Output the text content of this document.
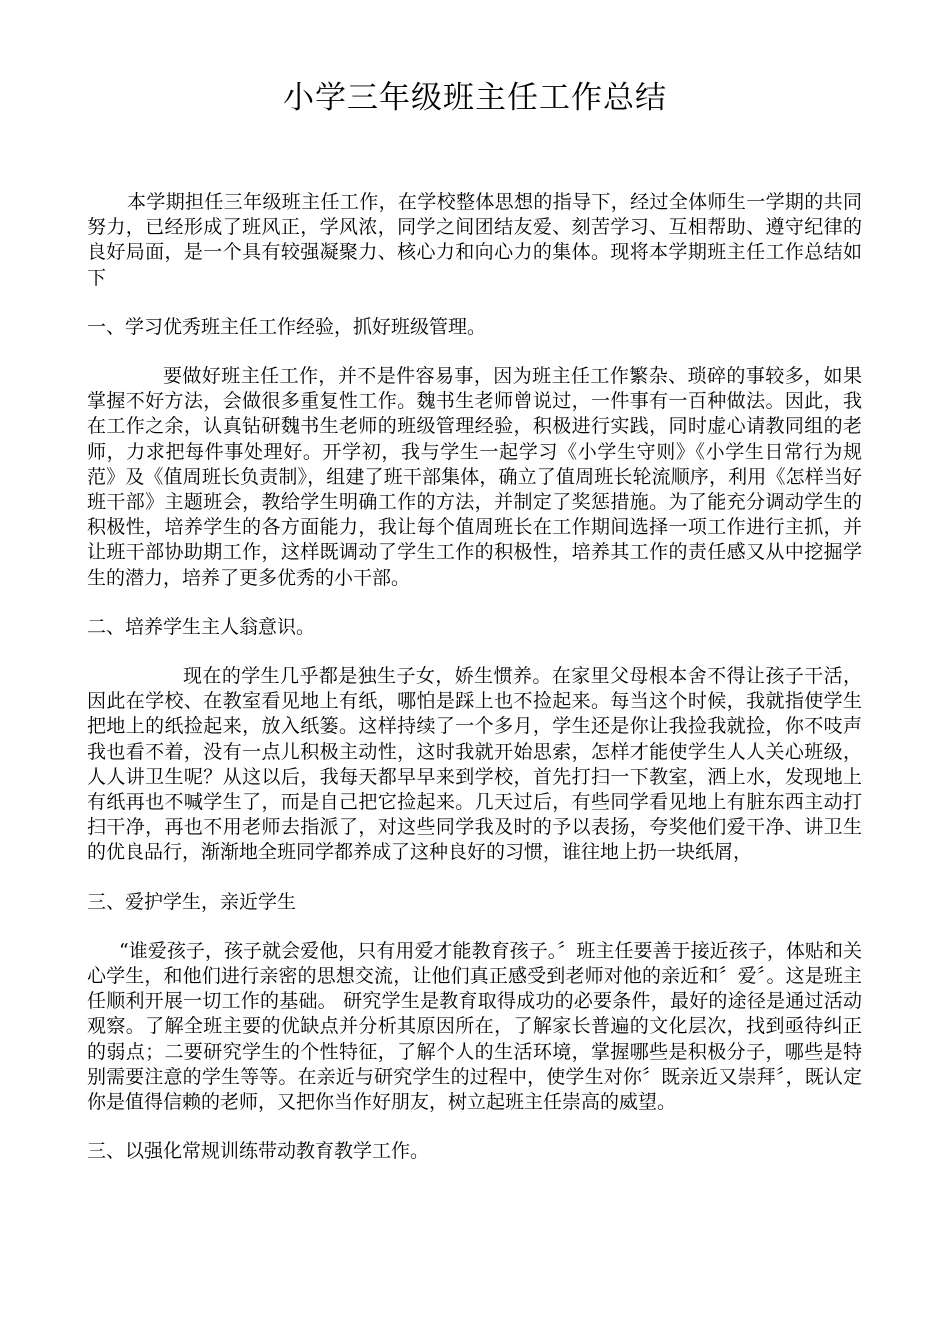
小学三年级班主任工作总结

本学期担任三年级班主任工作，在学校整体思想的指导下，经过全体师生一学期的共同努力，已经形成了班风正，学风浓，同学之间团结友爱、刻苦学习、互相帮助、遵守纪律的良好局面，是一个具有较强凝聚力、核心力和向心力的集体。现将本学期班主任工作总结如下

一、学习优秀班主任工作经验，抓好班级管理。

要做好班主任工作，并不是件容易事，因为班主任工作繁杂、琐碎的事较多，如果掌握不好方法，会做很多重复性工作。魏书生老师曾说过，一件事有一百种做法。因此，我在工作之余，认真钻研魏书生老师的班级管理经验，积极进行实践，同时虚心请教同组的老师，力求把每件事处理好。开学初，我与学生一起学习《小学生守则》《小学生日常行为规范》及《值周班长负责制》，组建了班干部集体，确立了值周班长轮流顺序，利用《怎样当好班干部》主题班会，教给学生明确工作的方法，并制定了奖惩措施。为了能充分调动学生的积极性，培养学生的各方面能力，我让每个值周班长在工作期间选择一项工作进行主抓，并让班干部协助期工作，这样既调动了学生工作的积极性，培养其工作的责任感又从中挖掘学生的潜力，培养了更多优秀的小干部。

二、培养学生主人翁意识。

现在的学生几乎都是独生子女，娇生惯养。在家里父母根本舍不得让孩子干活，因此在学校、在教室看见地上有纸，哪怕是踩上也不捡起来。每当这个时候，我就指使学生把地上的纸捡起来，放入纸篓。这样持续了一个多月，学生还是你让我捡我就捡，你不吱声我也看不着，没有一点儿积极主动性，这时我就开始思索，怎样才能使学生人人关心班级，人人讲卫生呢？从这以后，我每天都早早来到学校，首先打扫一下教室，洒上水，发现地上有纸再也不喊学生了，而是自己把它捡起来。几天过后，有些同学看见地上有脏东西主动打扫干净，再也不用老师去指派了，对这些同学我及时的予以表扬，夸奖他们爱干净、讲卫生的优良品行，渐渐地全班同学都养成了这种良好的习惯，谁往地上扔一块纸屑，

三、爱护学生，亲近学生

“谁爱孩子，孩子就会爱他，只有用爱才能教育孩子。〞班主任要善于接近孩子，体贴和关心学生，和他们进行亲密的思想交流，让他们真正感受到老师对他的亲近和〞爱〞。这是班主任顺利开展一切工作的基础。 研究学生是教育取得成功的必要条件，最好的途径是通过活动观察。了解全班主要的优缺点并分析其原因所在，了解家长普遍的文化层次，找到亟待纠正的弱点；二要研究学生的个性特征，了解个人的生活环境，掌握哪些是积极分子，哪些是特别需要注意的学生等等。在亲近与研究学生的过程中，使学生对你〞既亲近又崇拜〞，既认定你是值得信赖的老师，又把你当作好朋友，树立起班主任崇高的威望。

三、以强化常规训练带动教育教学工作。
